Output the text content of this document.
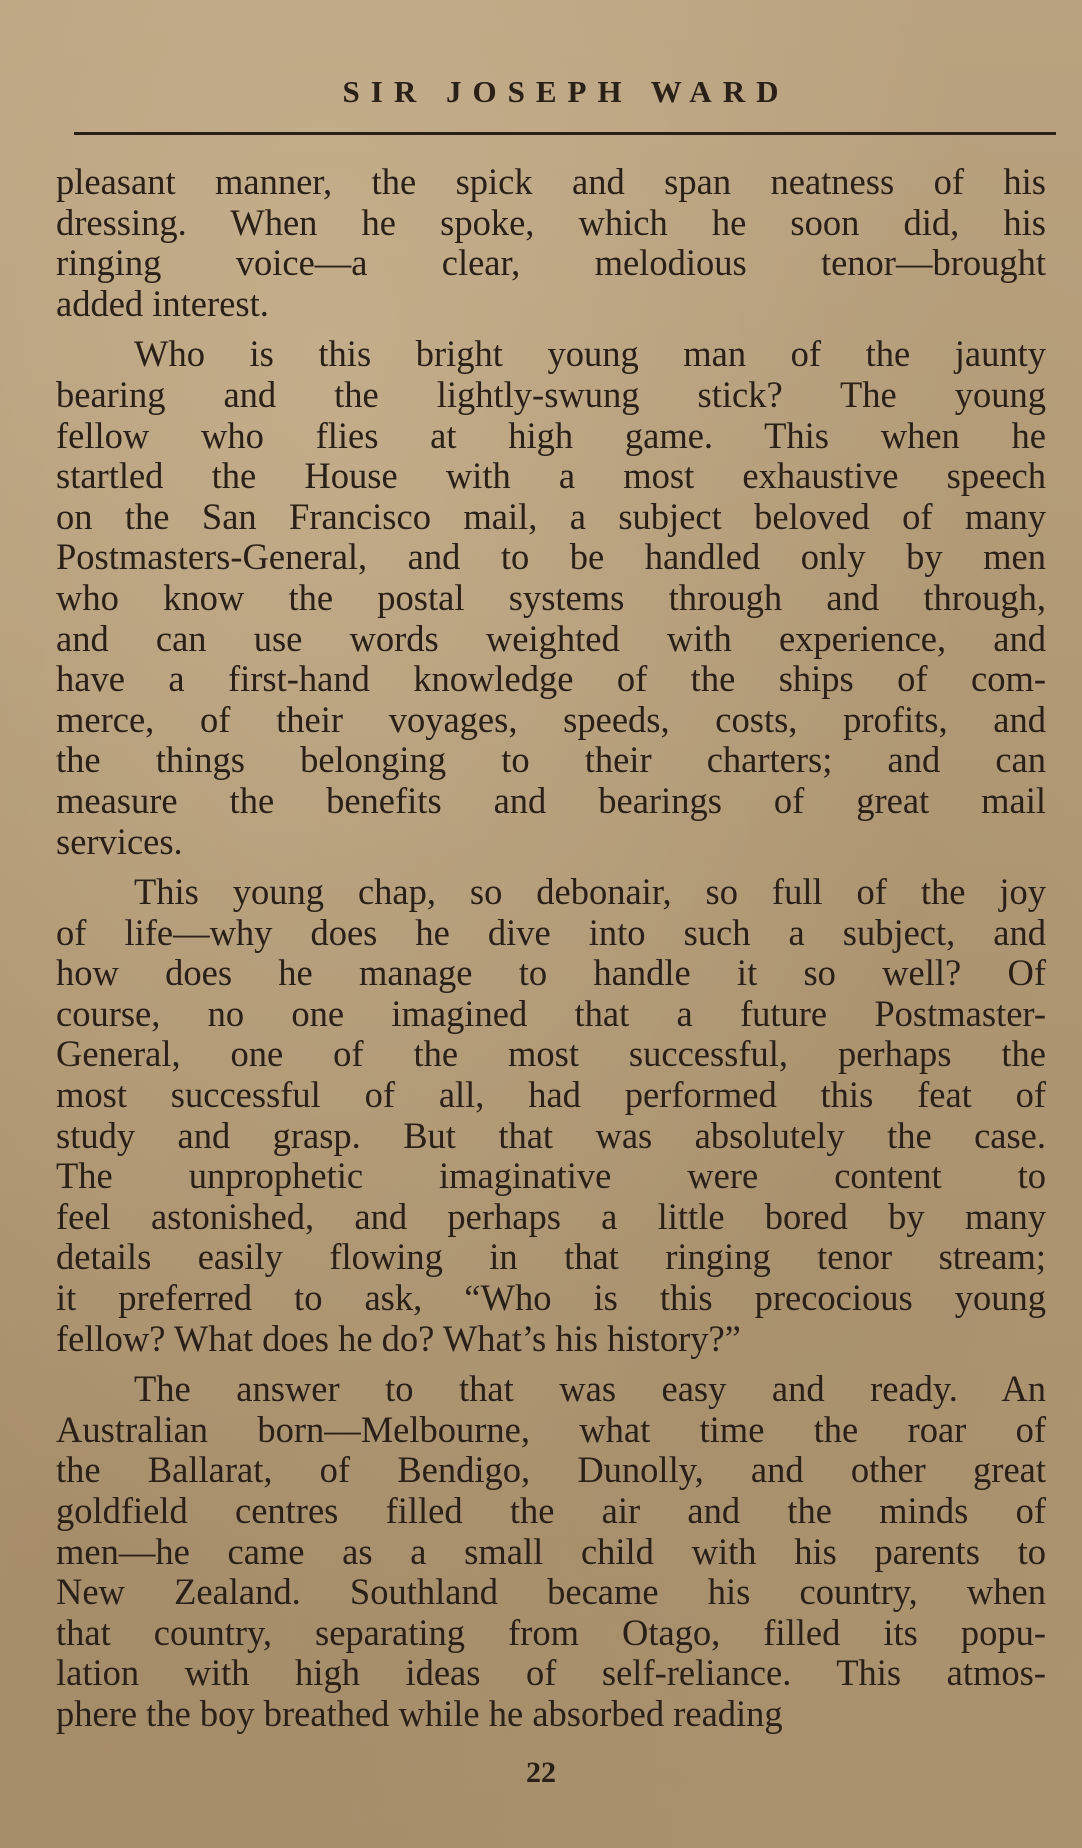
SIR JOSEPH WARD
pleasant manner, the spick and span neatness of his
dressing. When he spoke, which he soon did, his
ringing voice—a clear, melodious tenor—brought
added interest.
Who is this bright young man of the jaunty
bearing and the lightly-swung stick? The young
fellow who flies at high game. This when he
startled the House with a most exhaustive speech
on the San Francisco mail, a subject beloved of many
Postmasters-General, and to be handled only by men
who know the postal systems through and through,
and can use words weighted with experience, and
have a first-hand knowledge of the ships of com-
merce, of their voyages, speeds, costs, profits, and
the things belonging to their charters; and can
measure the benefits and bearings of great mail
services.
This young chap, so debonair, so full of the joy
of life—why does he dive into such a subject, and
how does he manage to handle it so well? Of
course, no one imagined that a future Postmaster-
General, one of the most successful, perhaps the
most successful of all, had performed this feat of
study and grasp. But that was absolutely the case.
The unprophetic imaginative were content to
feel astonished, and perhaps a little bored by many
details easily flowing in that ringing tenor stream;
it preferred to ask, “Who is this precocious young
fellow? What does he do? What’s his history?”
The answer to that was easy and ready. An
Australian born—Melbourne, what time the roar of
the Ballarat, of Bendigo, Dunolly, and other great
goldfield centres filled the air and the minds of
men—he came as a small child with his parents to
New Zealand. Southland became his country, when
that country, separating from Otago, filled its popu-
lation with high ideas of self-reliance. This atmos-
phere the boy breathed while he absorbed reading
22
